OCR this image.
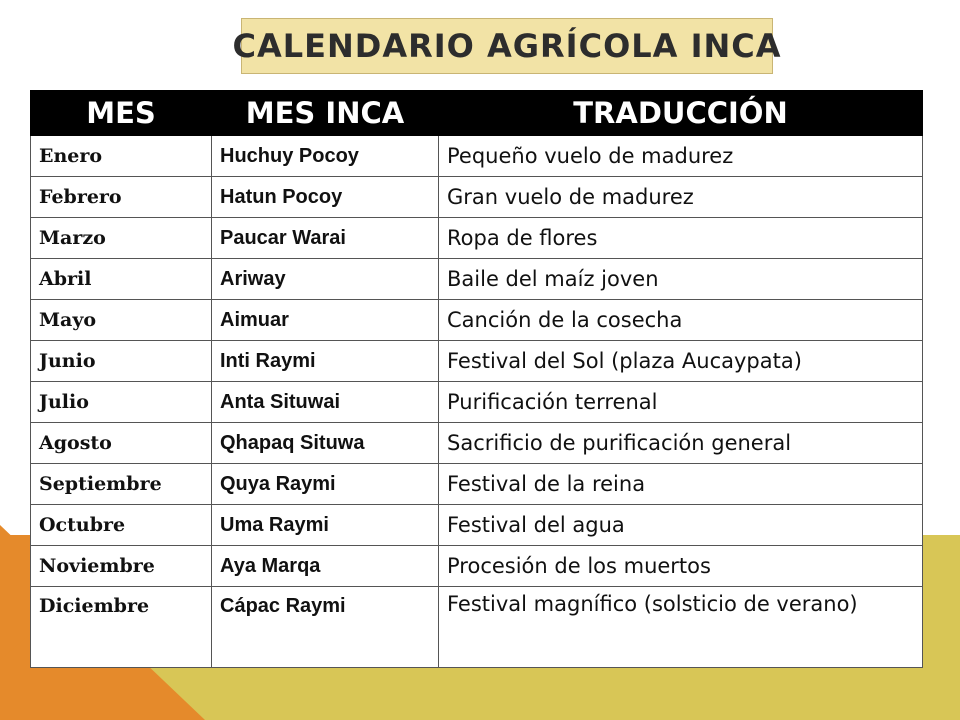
CALENDARIO AGRÍCOLA INCA
MES	MES INCA	TRADUCCIÓN
Enero	Huchuy Pocoy	Pequeño vuelo de madurez
Febrero	Hatun Pocoy	Gran vuelo de madurez
Marzo	Paucar Warai	Ropa de flores
Abril	Ariway	Baile del maíz joven
Mayo	Aimuar	Canción de la cosecha
Junio	Inti Raymi	Festival del Sol (plaza Aucaypata)
Julio	Anta Situwai	Purificación terrenal
Agosto	Qhapaq Situwa	Sacrificio de purificación general
Septiembre	Quya Raymi	Festival de la reina
Octubre	Uma Raymi	Festival del agua
Noviembre	Aya Marqa	Procesión de los muertos
Diciembre	Cápac Raymi	Festival magnífico (solsticio de verano)
